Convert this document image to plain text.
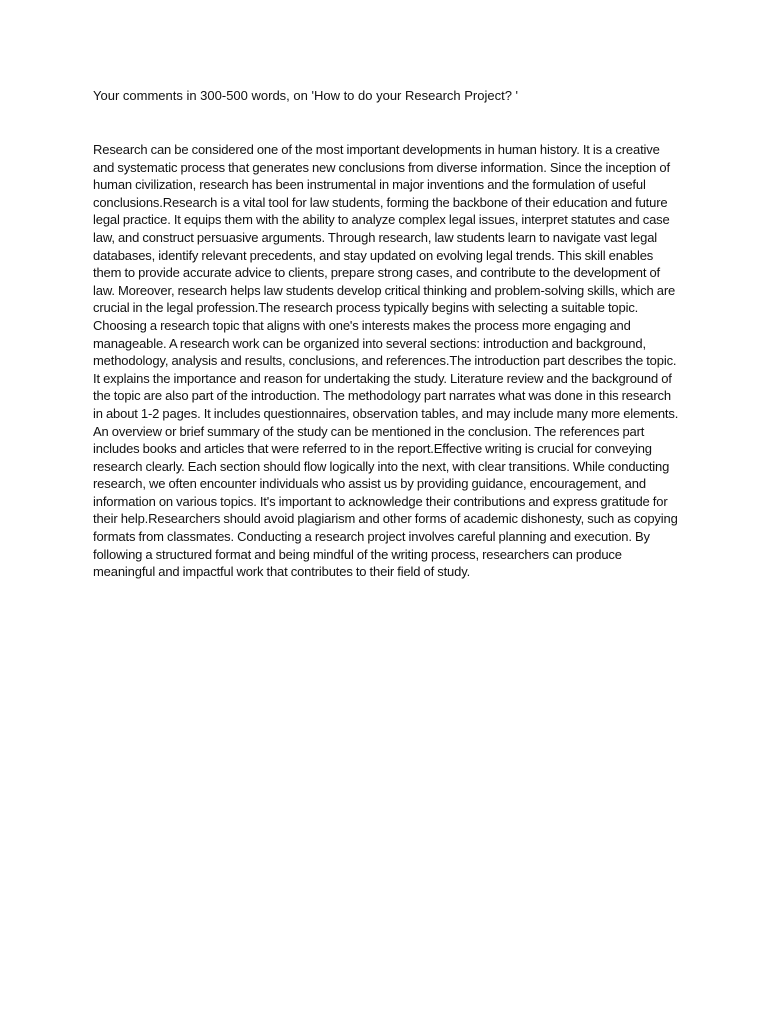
Your comments in 300-500 words, on 'How to do your Research Project? '

Research can be considered one of the most important developments in human history. It is a creative and systematic process that generates new conclusions from diverse information. Since the inception of human civilization, research has been instrumental in major inventions and the formulation of useful conclusions.Research is a vital tool for law students, forming the backbone of their education and future legal practice. It equips them with the ability to analyze complex legal issues, interpret statutes and case law, and construct persuasive arguments. Through research, law students learn to navigate vast legal databases, identify relevant precedents, and stay updated on evolving legal trends. This skill enables them to provide accurate advice to clients, prepare strong cases, and contribute to the development of law. Moreover, research helps law students develop critical thinking and problem-solving skills, which are crucial in the legal profession.The research process typically begins with selecting a suitable topic. Choosing a research topic that aligns with one's interests makes the process more engaging and manageable. A research work can be organized into several sections: introduction and background, methodology, analysis and results, conclusions, and references.The introduction part describes the topic. It explains the importance and reason for undertaking the study. Literature review and the background of the topic are also part of the introduction. The methodology part narrates what was done in this research in about 1-2 pages. It includes questionnaires, observation tables, and may include many more elements. An overview or brief summary of the study can be mentioned in the conclusion. The references part includes books and articles that were referred to in the report.Effective writing is crucial for conveying research clearly. Each section should flow logically into the next, with clear transitions. While conducting research, we often encounter individuals who assist us by providing guidance, encouragement, and information on various topics. It's important to acknowledge their contributions and express gratitude for their help.Researchers should avoid plagiarism and other forms of academic dishonesty, such as copying formats from classmates. Conducting a research project involves careful planning and execution. By following a structured format and being mindful of the writing process, researchers can produce meaningful and impactful work that contributes to their field of study.
